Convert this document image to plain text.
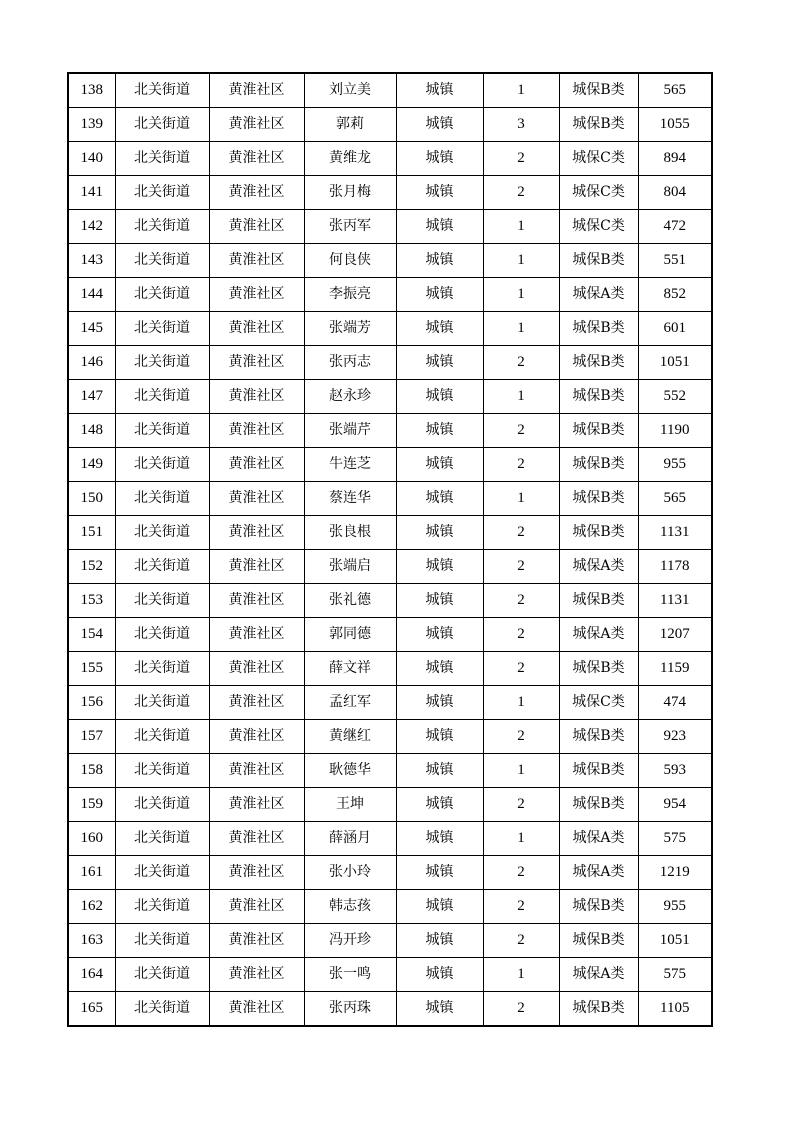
138	北关街道	黄淮社区	刘立美	城镇	1	城保B类	565
139	北关街道	黄淮社区	郭莉	城镇	3	城保B类	1055
140	北关街道	黄淮社区	黄维龙	城镇	2	城保C类	894
141	北关街道	黄淮社区	张月梅	城镇	2	城保C类	804
142	北关街道	黄淮社区	张丙军	城镇	1	城保C类	472
143	北关街道	黄淮社区	何良侠	城镇	1	城保B类	551
144	北关街道	黄淮社区	李振亮	城镇	1	城保A类	852
145	北关街道	黄淮社区	张端芳	城镇	1	城保B类	601
146	北关街道	黄淮社区	张丙志	城镇	2	城保B类	1051
147	北关街道	黄淮社区	赵永珍	城镇	1	城保B类	552
148	北关街道	黄淮社区	张端芹	城镇	2	城保B类	1190
149	北关街道	黄淮社区	牛连芝	城镇	2	城保B类	955
150	北关街道	黄淮社区	蔡连华	城镇	1	城保B类	565
151	北关街道	黄淮社区	张良根	城镇	2	城保B类	1131
152	北关街道	黄淮社区	张端启	城镇	2	城保A类	1178
153	北关街道	黄淮社区	张礼德	城镇	2	城保B类	1131
154	北关街道	黄淮社区	郭同德	城镇	2	城保A类	1207
155	北关街道	黄淮社区	薛文祥	城镇	2	城保B类	1159
156	北关街道	黄淮社区	孟红军	城镇	1	城保C类	474
157	北关街道	黄淮社区	黄继红	城镇	2	城保B类	923
158	北关街道	黄淮社区	耿德华	城镇	1	城保B类	593
159	北关街道	黄淮社区	王坤	城镇	2	城保B类	954
160	北关街道	黄淮社区	薛涵月	城镇	1	城保A类	575
161	北关街道	黄淮社区	张小玲	城镇	2	城保A类	1219
162	北关街道	黄淮社区	韩志孩	城镇	2	城保B类	955
163	北关街道	黄淮社区	冯开珍	城镇	2	城保B类	1051
164	北关街道	黄淮社区	张一鸣	城镇	1	城保A类	575
165	北关街道	黄淮社区	张丙珠	城镇	2	城保B类	1105
